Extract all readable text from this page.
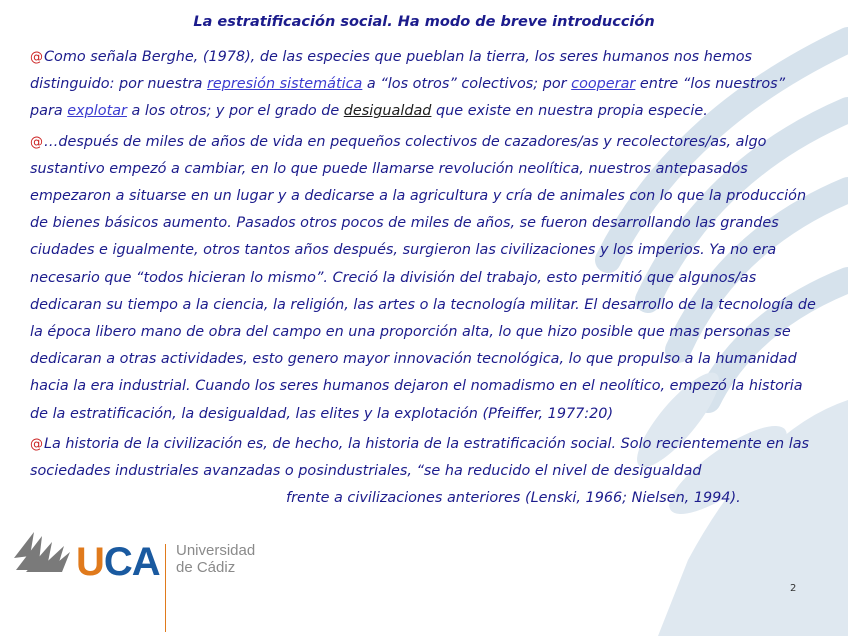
La estratificación social. Ha modo de breve introducción

@Como señala Berghe, (1978), de las especies que pueblan la tierra, los seres humanos nos hemos distinguido: por nuestra represión sistemática a “los otros” colectivos; por cooperar entre “los nuestros” para explotar a los otros; y por el grado de desigualdad que existe en nuestra propia especie.

@…después de miles de años de vida en pequeños colectivos de cazadores/as y recolectores/as, algo sustantivo empezó a cambiar, en lo que puede llamarse revolución neolítica, nuestros antepasados empezaron a situarse en un lugar y a dedicarse a la agricultura y cría de animales con lo que la producción de bienes básicos aumento. Pasados otros pocos de miles de años, se fueron desarrollando las grandes ciudades e igualmente, otros tantos años después, surgieron las civilizaciones y los imperios. Ya no era necesario que “todos hicieran lo mismo”. Creció la división del trabajo, esto permitió que algunos/as dedicaran su tiempo a la ciencia, la religión, las artes o la tecnología militar. El desarrollo de la tecnología de la época libero mano de obra del campo en una proporción alta, lo que hizo posible que mas personas se dedicaran a otras actividades, esto genero mayor innovación tecnológica, lo que propulso a la humanidad hacia la era industrial. Cuando los seres humanos dejaron el nomadismo en el neolítico, empezó la historia de la estratificación, la desigualdad, las elites y la explotación (Pfeiffer, 1977:20)

@La historia de la civilización es, de hecho, la historia de la estratificación social. Solo recientemente en las sociedades industriales avanzadas o posindustriales, “se ha reducido el nivel de desigualdad
frente a civilizaciones anteriores (Lenski, 1966; Nielsen, 1994).

UCA Universidad
de Cádiz
2
